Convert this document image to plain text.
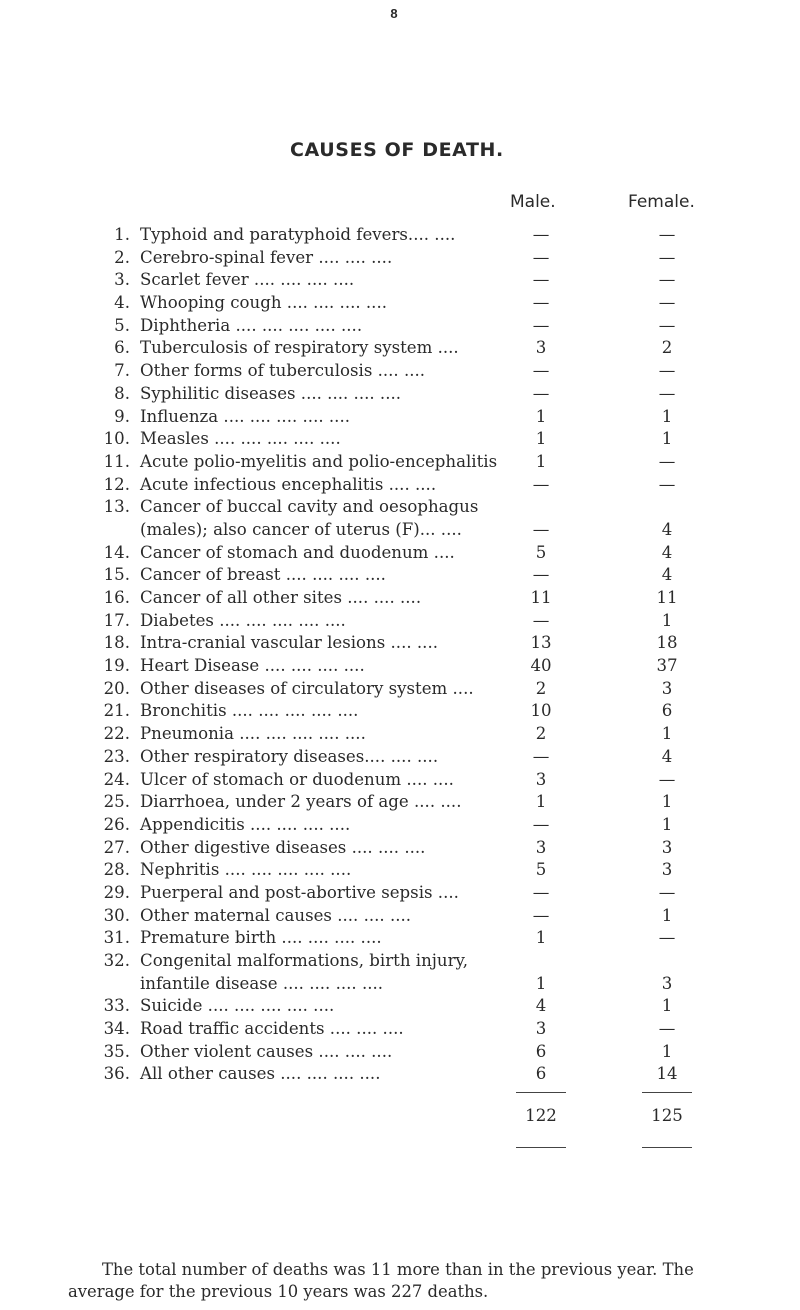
8
CAUSES OF DEATH.
Male.	Female.
1. Typhoid and paratyphoid fevers.... ....	—	—
2. Cerebro-spinal fever .... .... ....	—	—
3. Scarlet fever .... .... .... ....	—	—
4. Whooping cough .... .... .... ....	—	—
5. Diphtheria .... .... .... .... ....	—	—
6. Tuberculosis of respiratory system ....	3	2
7. Other forms of tuberculosis .... ....	—	—
8. Syphilitic diseases .... .... .... ....	—	—
9. Influenza .... .... .... .... ....	1	1
10. Measles .... .... .... .... ....	1	1
11. Acute polio-myelitis and polio-encephalitis	1	—
12. Acute infectious encephalitis .... ....	—	—
13. Cancer of buccal cavity and oesophagus
(males); also cancer of uterus (F)... ....	—	4
14. Cancer of stomach and duodenum ....	5	4
15. Cancer of breast .... .... .... ....	—	4
16. Cancer of all other sites .... .... ....	11	11
17. Diabetes .... .... .... .... ....	—	1
18. Intra-cranial vascular lesions .... ....	13	18
19. Heart Disease .... .... .... ....	40	37
20. Other diseases of circulatory system ....	2	3
21. Bronchitis .... .... .... .... ....	10	6
22. Pneumonia .... .... .... .... ....	2	1
23. Other respiratory diseases.... .... ....	—	4
24. Ulcer of stomach or duodenum .... ....	3	—
25. Diarrhoea, under 2 years of age .... ....	1	1
26. Appendicitis .... .... .... ....	—	1
27. Other digestive diseases .... .... ....	3	3
28. Nephritis .... .... .... .... ....	5	3
29. Puerperal and post-abortive sepsis ....	—	—
30. Other maternal causes .... .... ....	—	1
31. Premature birth .... .... .... ....	1	—
32. Congenital malformations, birth injury,
infantile disease .... .... .... ....	1	3
33. Suicide .... .... .... .... ....	4	1
34. Road traffic accidents .... .... ....	3	—
35. Other violent causes .... .... ....	6	1
36. All other causes .... .... .... ....	6	14
122	125
The total number of deaths was 11 more than in the previous year. The average for the previous 10 years was 227 deaths.
